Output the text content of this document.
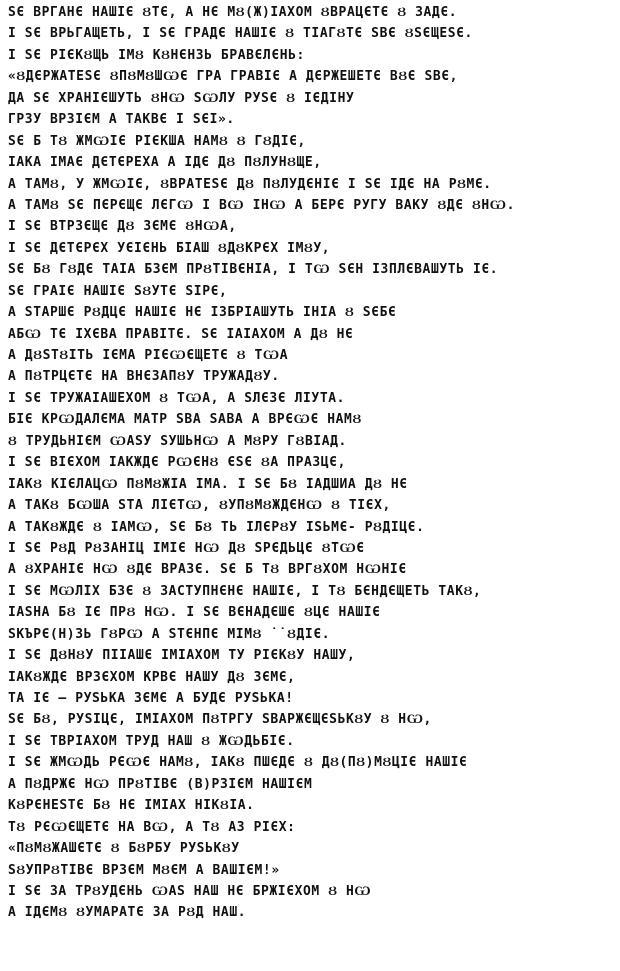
ЅЄ ВРГАНЄ НАШІЄ ȢТЄ, А НЄ МȢ(Ж)ІАХОМ ȢВРАЦЄТЄ Ȣ ЗАДЄ.
І ЅЄ ВРЬГАЩЕТЬ, І ЅЄ ГРАДЄ НАШІЄ Ȣ ТІАГȢТЄ ЅВЄ ȢЅЄЩЕЅЄ.
І ЅЄ РІЄКȢЩЬ ІМȢ КȢНЄНЗЬ БРАВЄЛЄНЬ:
«ȢДЄРЖАТЕЅЄ ȢПȢМȢШѠЄ ГРА ГРАВІЄ А ДЄРЖЕШЕТЄ ВȢЄ ЅВЄ,
ДА ЅЄ ХРАНІЄШУТЬ ȢНѠ ЅѠЛУ РУЅЄ Ȣ ІЄДІНУ
ГРЗУ ВРЗІЄМ А ТАКВЄ І ЅЄІ».
ЅЄ Б ТȢ ЖМѠІЄ РІЄКША НАМȢ Ȣ ГȢДІЄ,
ІАКА ІМАЄ ДЄТЄРЕХА А ІДЄ ДȢ ПȢЛУНȢЩЕ,
А ТАМȢ, У ЖМѠІЄ, ȢВРАТЕЅЄ ДȢ ПȢЛУДЄНІЄ І ЅЄ ІДЄ НА РȢМЄ.
А ТАМȢ ЅЄ ПЄРЄЩЄ ЛЄГѠ І ВѠ ІНѠ А БЕРЄ РУГУ ВАКУ ȢДЄ ȢНѠ.
І ЅЄ ВТРЗЄЩЄ ДȢ ЗЄМЄ ȢНѠА,
І ЅЄ ДЄТЄРЄХ УЄІЄНЬ БІАШ ȢДȢКРЄХ ІМȢУ,
ЅЄ БȢ ГȢДЄ ТАІА БЗЄМ ПРȢТІВЄНІА, І ТѠ ЅЄН ІЗПЛЄВАШУТЬ ІЄ.
ЅЄ ГРАІЄ НАШІЄ ЅȢУТЄ ЅІРЄ,
А ЅТАРШЄ РȢДЦЄ НАШІЄ НЄ ІЗБРІАШУТЬ ІНІА Ȣ ЅЄБЄ
АБѠ ТЄ ІХЄВА ПРАВІТЄ. ЅЄ ІАІАХОМ А ДȢ НЄ
А ДȢЅТȢІТЬ ІЄМА РІЄѠЄЩЕТЄ Ȣ ТѠА
А ПȢТРЦЄТЄ НА ВНЄЗАПȢУ ТРУЖАДȢУ.
І ЅЄ ТРУЖАІАШЕХОМ Ȣ ТѠА, А ЅЛЄЗЄ ЛІУТА.
БІЄ КРѠДАЛЄМА МАТР ЅВА ЅАВА А ВРЄѠЄ НАМȢ
Ȣ ТРУДЬНІЄМ ѠАЅУ ЅУШЬНѠ А МȢРУ ГȢВІАД.
І ЅЄ ВІЄХОМ ІАКЖДЄ РѠЄНȢ ЄЅЄ ȢА ПРАЗЦЄ,
ІАКȢ КІЄЛАЦѠ ПȢМȢЖІА ІМА. І ЅЄ БȢ ІАДШИА ДȢ НЄ
А ТАКȢ БѠША ЅТА ЛІЄТѠ, ȢУПȢМȢЖДЄНѠ Ȣ ТІЄХ,
А ТАКȢЖДЄ Ȣ ІАМѠ, ЅЄ БȢ ТЬ ІЛЄРȢУ ІЅЬМЄ- РȢДІЦЄ.
І ЅЄ РȢД РȢЗАНІЦ ІМІЄ НѠ ДȢ ЅРЄДЬЦЄ ȢТѠЄ
А ȢХРАНІЄ НѠ ȢДЄ ВРАЗЄ. ЅЄ Б ТȢ ВРГȢХОМ НѠНІЄ
І ЅЄ МѠЛІХ БЗЄ Ȣ ЗАСТУПНЄНЄ НАШІЄ, І ТȢ БЄНДЄЩЕТЬ ТАКȢ,
ІАЅНА БȢ ІЄ ПРȢ НѠ. І ЅЄ ВЄНАДЄШЄ ȢЦЄ НАШІЄ
ЅКЪРЄ(Н)ЗЬ ГȢРѠ А ЅТЄНПЄ МІМȢ ˙˙ȢДІЄ.
І ЅЄ ДȢНȢУ ПІІАШЄ ІМІАХОМ ТУ РІЄКȢУ НАШУ,
ІАКȢЖДЄ ВРЗЄХОМ КРВЄ НАШУ ДȢ ЗЄМЄ,
ТА ІЄ – РУЅЬКА ЗЄМЄ А БУДЄ РУЅЬКА!
ЅЄ БȢ, РУЅІЦЄ, ІМІАХОМ ПȢТРГУ ЅВАРЖЄЩЄЅЬКȢУ Ȣ НѠ,
І ЅЄ ТВРІАХОМ ТРУД НАШ Ȣ ЖѠДЬБІЄ.
І ЅЄ ЖМѠДЬ РЄѠЄ НАМȢ, ІАКȢ ПШЄДЄ Ȣ ДȢ(ПȢ)МȢЦІЄ НАШІЄ
А ПȢДРЖЄ НѠ ПРȢТІВЄ (В)РЗІЄМ НАШІЄМ
КȢРЄНЕЅТЄ БȢ НЄ ІМІАХ НІКȢІА.
ТȢ РЄѠЄЩЕТЄ НА ВѠ, А ТȢ АЗ РІЄХ:
«ПȢМȢЖАШЄТЄ Ȣ БȢРБУ РУЅЬКȢУ
ЅȢУПРȢТІВЄ ВРЗЄМ МȢЄМ А ВАШІЄМ!»
І ЅЄ ЗА ТРȢУДЄНЬ ѠАЅ НАШ НЄ БРЖІЄХОМ Ȣ НѠ
А ІДЄМȢ ȢУМАРАТЄ ЗА РȢД НАШ.
